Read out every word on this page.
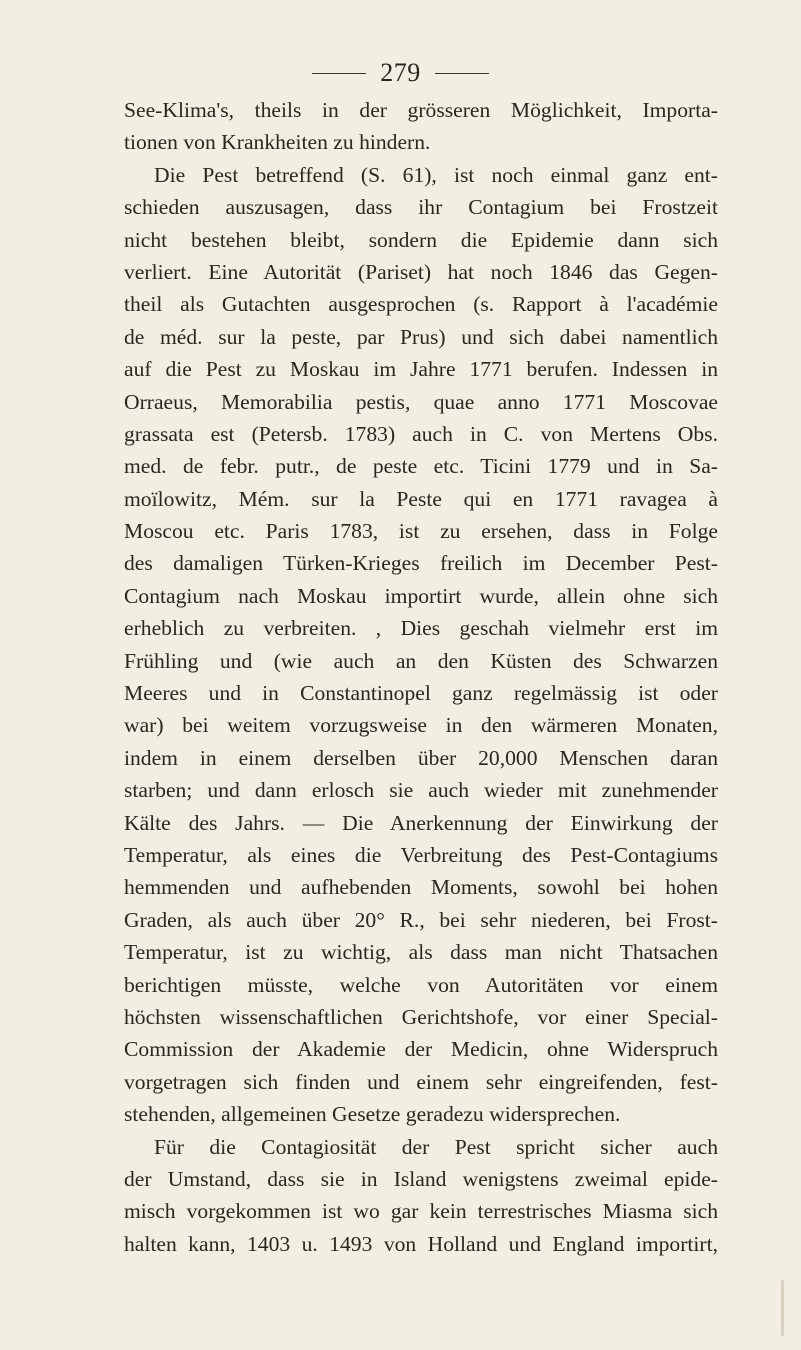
279
See-Klima's, theils in der grösseren Möglichkeit, Importa-
tionen von Krankheiten zu hindern.
Die Pest betreffend (S. 61), ist noch einmal ganz ent-
schieden auszusagen, dass ihr Contagium bei Frostzeit
nicht bestehen bleibt, sondern die Epidemie dann sich
verliert. Eine Autorität (Pariset) hat noch 1846 das Gegen-
theil als Gutachten ausgesprochen (s. Rapport à l'académie
de méd. sur la peste, par Prus) und sich dabei namentlich
auf die Pest zu Moskau im Jahre 1771 berufen. Indessen in
Orraeus, Memorabilia pestis, quae anno 1771 Moscovae
grassata est (Petersb. 1783) auch in C. von Mertens Obs.
med. de febr. putr., de peste etc. Ticini 1779 und in Sa-
moïlowitz, Mém. sur la Peste qui en 1771 ravagea à
Moscou etc. Paris 1783, ist zu ersehen, dass in Folge
des damaligen Türken-Krieges freilich im December Pest-
Contagium nach Moskau importirt wurde, allein ohne sich
erheblich zu verbreiten. , Dies geschah vielmehr erst im
Frühling und (wie auch an den Küsten des Schwarzen
Meeres und in Constantinopel ganz regelmässig ist oder
war) bei weitem vorzugsweise in den wärmeren Monaten,
indem in einem derselben über 20,000 Menschen daran
starben; und dann erlosch sie auch wieder mit zunehmender
Kälte des Jahrs. — Die Anerkennung der Einwirkung der
Temperatur, als eines die Verbreitung des Pest-Contagiums
hemmenden und aufhebenden Moments, sowohl bei hohen
Graden, als auch über 20° R., bei sehr niederen, bei Frost-
Temperatur, ist zu wichtig, als dass man nicht Thatsachen
berichtigen müsste, welche von Autoritäten vor einem
höchsten wissenschaftlichen Gerichtshofe, vor einer Special-
Commission der Akademie der Medicin, ohne Widerspruch
vorgetragen sich finden und einem sehr eingreifenden, fest-
stehenden, allgemeinen Gesetze geradezu widersprechen.
Für die Contagiosität der Pest spricht sicher auch
der Umstand, dass sie in Island wenigstens zweimal epide-
misch vorgekommen ist wo gar kein terrestrisches Miasma sich
halten kann, 1403 u. 1493 von Holland und England importirt,
